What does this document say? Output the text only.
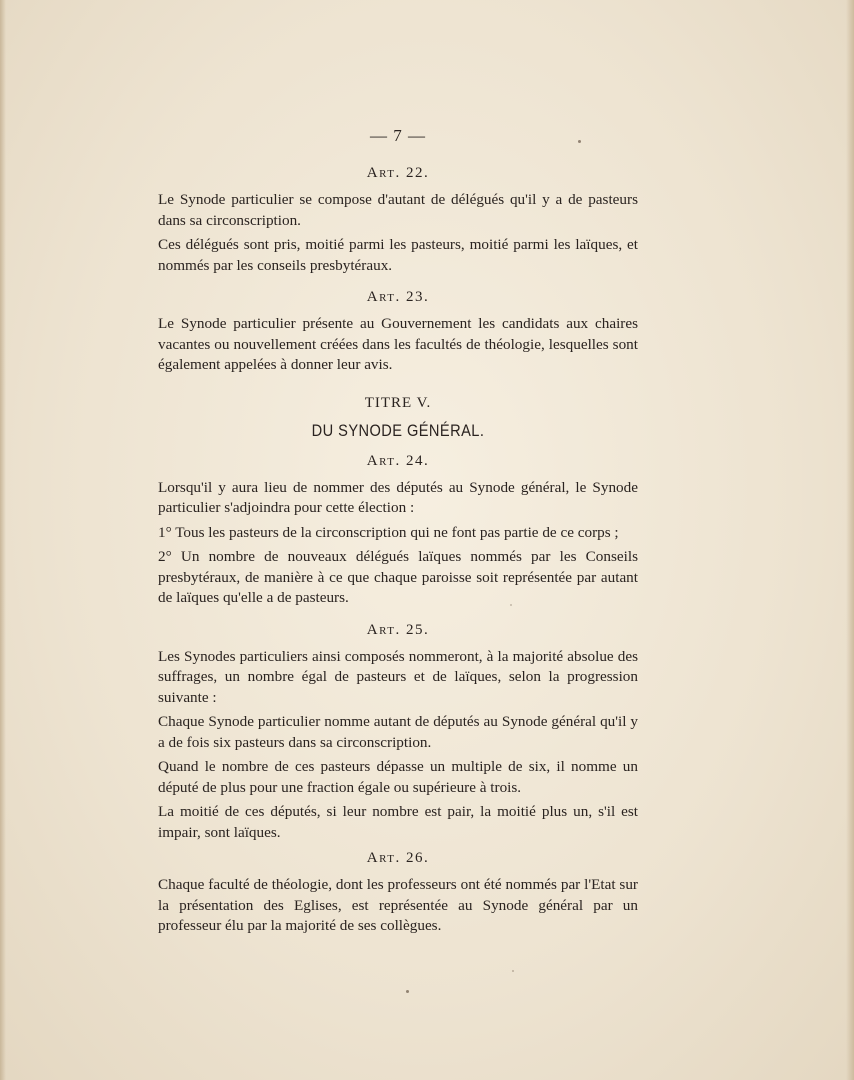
— 7 —
Art. 22.

Le Synode particulier se compose d'autant de délégués qu'il y a de pasteurs dans sa circonscription.

Ces délégués sont pris, moitié parmi les pasteurs, moitié parmi les laïques, et nommés par les conseils presbytéraux.

Art. 23.

Le Synode particulier présente au Gouvernement les candidats aux chaires vacantes ou nouvellement créées dans les facultés de théologie, lesquelles sont également appelées à donner leur avis.

TITRE V.
DU SYNODE GÉNÉRAL.
Art. 24.

Lorsqu'il y aura lieu de nommer des députés au Synode général, le Synode particulier s'adjoindra pour cette élection :

1° Tous les pasteurs de la circonscription qui ne font pas partie de ce corps ;

2° Un nombre de nouveaux délégués laïques nommés par les Conseils presbytéraux, de manière à ce que chaque paroisse soit représentée par autant de laïques qu'elle a de pasteurs.

Art. 25.

Les Synodes particuliers ainsi composés nommeront, à la majorité absolue des suffrages, un nombre égal de pasteurs et de laïques, selon la progression suivante :

Chaque Synode particulier nomme autant de députés au Synode général qu'il y a de fois six pasteurs dans sa circonscription.

Quand le nombre de ces pasteurs dépasse un multiple de six, il nomme un député de plus pour une fraction égale ou supérieure à trois.

La moitié de ces députés, si leur nombre est pair, la moitié plus un, s'il est impair, sont laïques.

Art. 26.

Chaque faculté de théologie, dont les professeurs ont été nommés par l'Etat sur la présentation des Eglises, est représentée au Synode général par un professeur élu par la majorité de ses collègues.
